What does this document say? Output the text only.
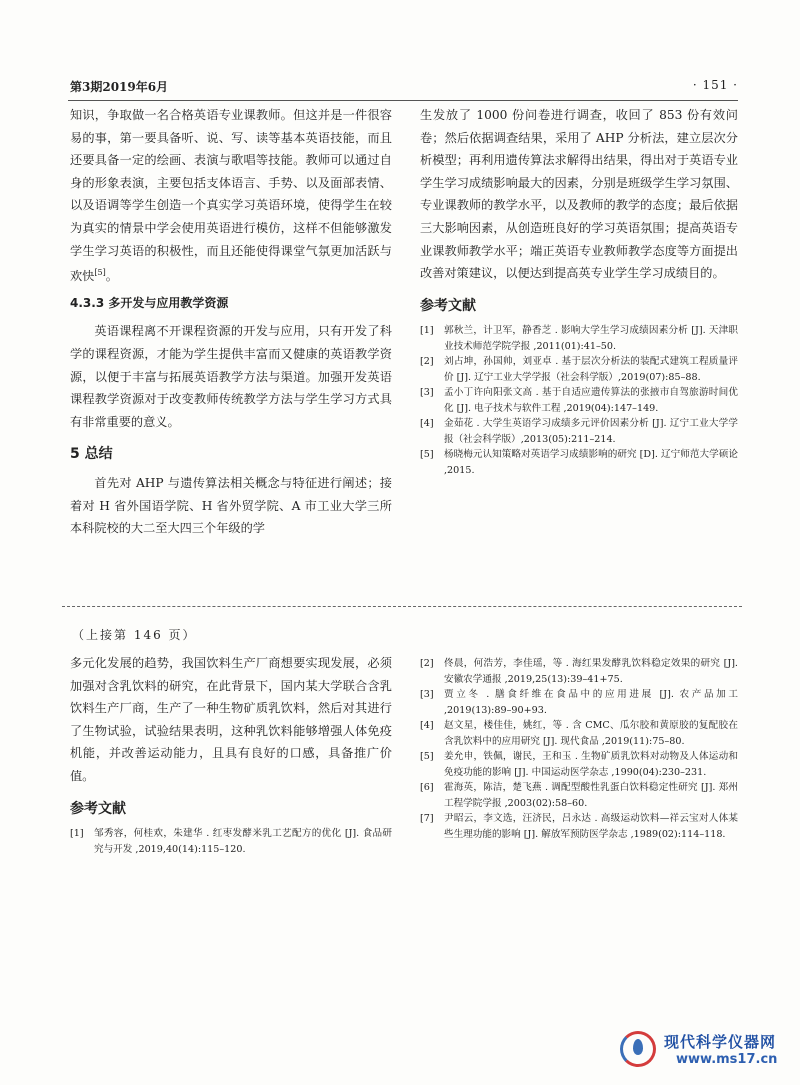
第3期2019年6月	· 151 ·

知识，争取做一名合格英语专业课教师。但这并是一件很容易的事，第一要具备听、说、写、读等基本英语技能，而且还要具备一定的绘画、表演与歌唱等技能。教师可以通过自身的形象表演，主要包括支体语言、手势、以及面部表情、以及语调等学生创造一个真实学习英语环境，使得学生在较为真实的情景中学会使用英语进行模仿，这样不但能够激发学生学习英语的积极性，而且还能使得课堂气氛更加活跃与欢快[5]。

4.3.3 多开发与应用教学资源

英语课程离不开课程资源的开发与应用，只有开发了科学的课程资源，才能为学生提供丰富而又健康的英语教学资源，以便于丰富与拓展英语教学方法与渠道。加强开发英语课程教学资源对于改变教师传统教学方法与学生学习方式具有非常重要的意义。

5 总结

首先对 AHP 与遗传算法相关概念与特征进行阐述；接着对 H 省外国语学院、H 省外贸学院、A 市工业大学三所本科院校的大二至大四三个年级的学

生发放了 1000 份问卷进行调查，收回了 853 份有效问卷；然后依据调查结果，采用了 AHP 分析法，建立层次分析模型；再利用遗传算法求解得出结果，得出对于英语专业学生学习成绩影响最大的因素，分别是班级学生学习氛围、专业课教师的教学水平，以及教师的教学的态度；最后依据三大影响因素，从创造班良好的学习英语氛围；提高英语专业课教师教学水平；端正英语专业教师教学态度等方面提出改善对策建议，以便达到提高英专业学生学习成绩目的。

参考文献
[1]	郭秋兰，计卫军，静香芝 . 影响大学生学习成绩因素分析 [J]. 天津职业技术师范学院学报 ,2011(01):41–50.
[2]	刘占坤，孙国帅，刘亚卓 . 基于层次分析法的装配式建筑工程质量评价 [J]. 辽宁工业大学学报（社会科学版）,2019(07):85–88.
[3]	孟小丁许向阳张文高 . 基于自适应遗传算法的张掖市自驾旅游时间优化 [J]. 电子技术与软件工程 ,2019(04):147–149.
[4]	金茹花 . 大学生英语学习成绩多元评价因素分析 [J]. 辽宁工业大学学报（社会科学版）,2013(05):211–214.
[5]	杨晓梅元认知策略对英语学习成绩影响的研究 [D]. 辽宁师范大学硕论 ,2015.
（上接第 146 页）

多元化发展的趋势，我国饮料生产厂商想要实现发展，必须加强对含乳饮料的研究，在此背景下，国内某大学联合含乳饮料生产厂商，生产了一种生物矿质乳饮料，然后对其进行了生物试验，试验结果表明，这种乳饮料能够增强人体免疫机能，并改善运动能力，且具有良好的口感，具备推广价值。

参考文献
[1]	邹秀容，何桂欢，朱建华 . 红枣发酵米乳工艺配方的优化 [J]. 食品研究与开发 ,2019,40(14):115–120.
[2]	佟晨，何浩芳，李佳瑶，等 . 海红果发酵乳饮料稳定效果的研究 [J]. 安徽农学通报 ,2019,25(13):39–41+75.
[3]	贾立冬 . 膳食纤维在食品中的应用进展 [J]. 农产品加工 ,2019(13):89–90+93.
[4]	赵文星，楼佳佳，姚红，等 . 含 CMC、瓜尔胶和黄原胶的复配胶在含乳饮料中的应用研究 [J]. 现代食品 ,2019(11):75–80.
[5]	姜允申，铁佩，谢民，王和玉 . 生物矿质乳饮料对动物及人体运动和免疫功能的影响 [J]. 中国运动医学杂志 ,1990(04):230–231.
[6]	霍海英，陈洁，楚飞燕 . 调配型酸性乳蛋白饮料稳定性研究 [J]. 郑州工程学院学报 ,2003(02):58–60.
[7]	尹昭云，李文选，汪济民，吕永达 . 高级运动饮料—祥云宝对人体某些生理功能的影响 [J]. 解放军预防医学杂志 ,1989(02):114–118.
现代科学仪器网
www.ms17.cn
